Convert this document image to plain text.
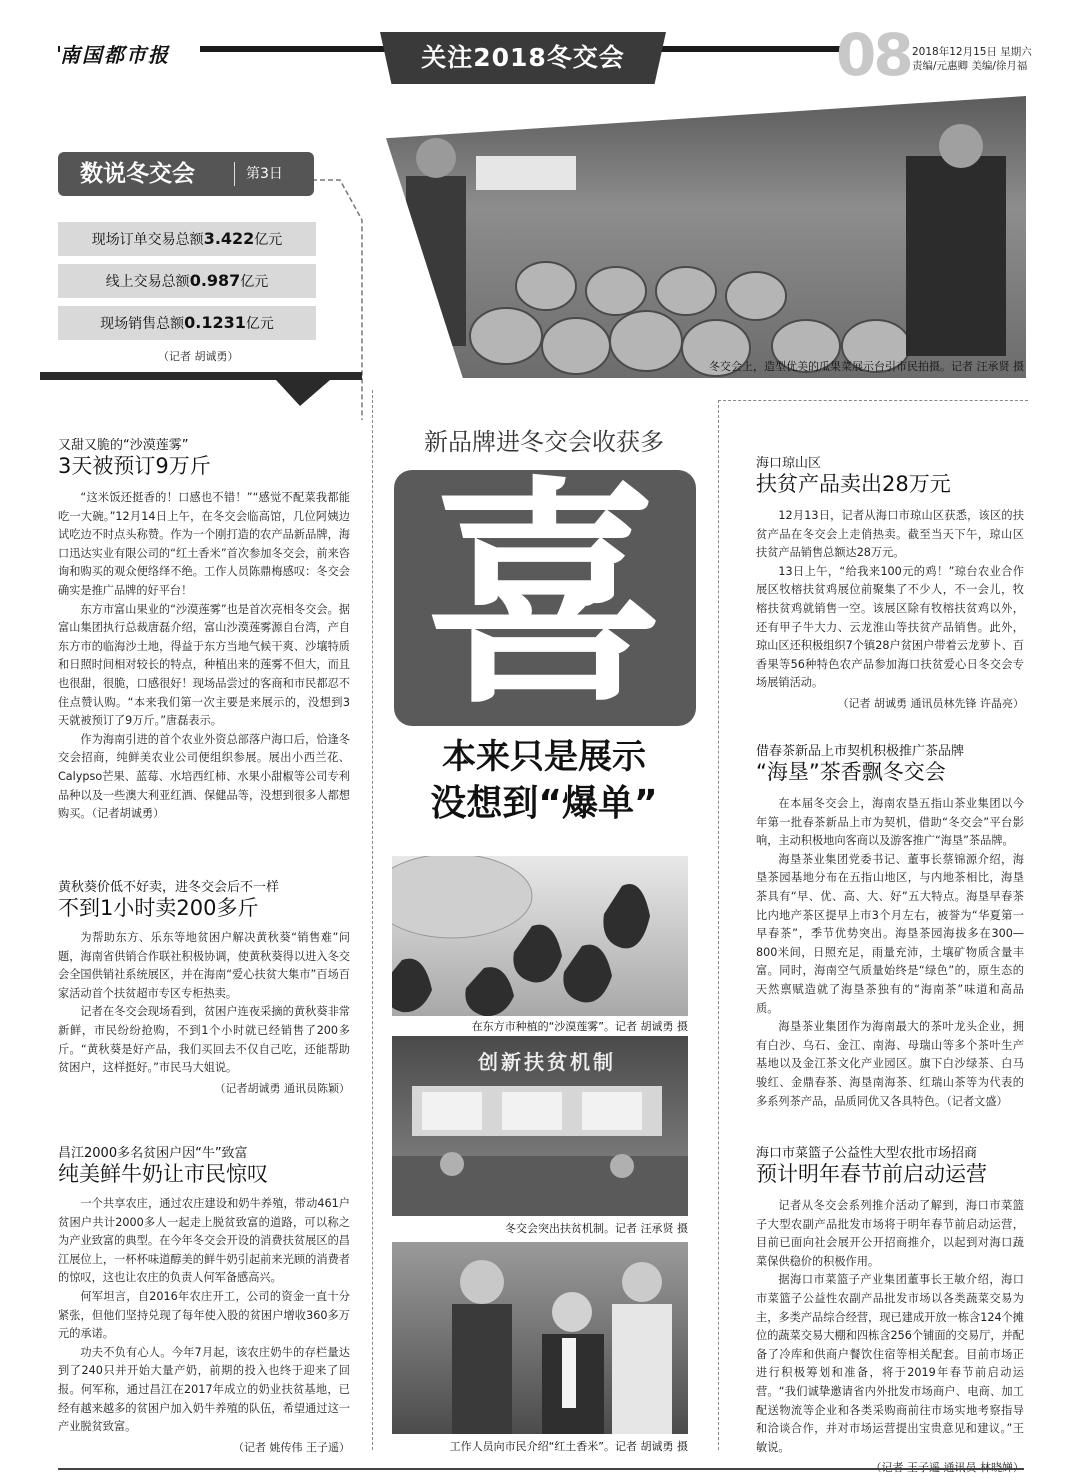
南国都市报	关注2018冬交会	08 2018年12月15日 星期六
责编/元惠卿 美编/徐月福
数说冬交会	第3日
现场订单交易总额3.422亿元
线上交易总额0.987亿元
现场销售总额0.1231亿元
（记者 胡诚勇）
冬交会上，造型优美的瓜果菜展示台引市民拍摄。记者 汪承贤 摄
新品牌进冬交会收获多
喜
本来只是展示
没想到“爆单”
在东方市种植的“沙漠莲雾”。记者 胡诚勇 摄
创新扶贫机制
冬交会突出扶贫机制。记者 汪承贤 摄
工作人员向市民介绍“红土香米”。记者 胡诚勇 摄
又甜又脆的“沙漠莲雾”
3天被预订9万斤

“这米饭还挺香的！口感也不错！”“感觉不配菜我都能吃一大碗。”12月14日上午，在冬交会临高馆，几位阿姨边试吃边不时点头称赞。作为一个刚打造的农产品新品牌，海口迅达实业有限公司的“红土香米”首次参加冬交会，前来咨询和购买的观众便络绎不绝。工作人员陈鼎梅感叹：冬交会确实是推广品牌的好平台！

东方市富山果业的“沙漠莲雾”也是首次亮相冬交会。据富山集团执行总裁唐磊介绍，富山沙漠莲雾源自台湾，产自东方市的临海沙土地，得益于东方当地气候干爽、沙壤特质和日照时间相对较长的特点，种植出来的莲雾不但大，而且也很甜，很脆，口感很好！现场品尝过的客商和市民都忍不住点赞认购。“本来我们第一次主要是来展示的，没想到3天就被预订了9万斤。”唐磊表示。

作为海南引进的首个农业外资总部落户海口后，恰逢冬交会招商，纯鲜美农业公司便组织参展。展出小西兰花、Calypso芒果、蓝莓、水培西红柿、水果小甜椒等公司专利品种以及一些澳大利亚红酒、保健品等，没想到很多人都想购买。（记者胡诚勇）

黄秋葵价低不好卖，进冬交会后不一样
不到1小时卖200多斤

为帮助东方、乐东等地贫困户解决黄秋葵“销售难”问题，海南省供销合作联社积极协调，使黄秋葵得以进入冬交会全国供销社系统展区，并在海南“爱心扶贫大集市”百场百家活动首个扶贫超市专区专柜热卖。

记者在冬交会现场看到，贫困户连夜采摘的黄秋葵非常新鲜，市民纷纷抢购，不到1个小时就已经销售了200多斤。“黄秋葵是好产品，我们买回去不仅自己吃，还能帮助贫困户，这样挺好。”市民马大姐说。

（记者胡诚勇 通讯员陈颖）
昌江2000多名贫困户因“牛”致富
纯美鲜牛奶让市民惊叹

一个共享农庄，通过农庄建设和奶牛养殖，带动461户贫困户共计2000多人一起走上脱贫致富的道路，可以称之为产业致富的典型。在今年冬交会开设的消费扶贫展区的昌江展位上，一杯杯味道醇美的鲜牛奶引起前来光顾的消费者的惊叹，这也让农庄的负责人何军备感高兴。

何军坦言，自2016年农庄开工，公司的资金一直十分紧张，但他们坚持兑现了每年使入股的贫困户增收360多万元的承诺。

功夫不负有心人。今年7月起，该农庄奶牛的存栏量达到了240只并开始大量产奶，前期的投入也终于迎来了回报。何军称，通过昌江在2017年成立的奶业扶贫基地，已经有越来越多的贫困户加入奶牛养殖的队伍，希望通过这一产业脱贫致富。

（记者 姚传伟 王子遥）
海口琼山区
扶贫产品卖出28万元

12月13日，记者从海口市琼山区获悉，该区的扶贫产品在冬交会上走俏热卖。截至当天下午，琼山区扶贫产品销售总额达28万元。

13日上午，“给我来100元的鸡！”琼台农业合作展区牧榕扶贫鸡展位前聚集了不少人，不一会儿，牧榕扶贫鸡就销售一空。该展区除有牧榕扶贫鸡以外，还有甲子牛大力、云龙淮山等扶贫产品销售。此外，琼山区还积极组织7个镇28户贫困户带着云龙萝卜、百香果等56种特色农产品参加海口扶贫爱心日冬交会专场展销活动。

（记者 胡诚勇 通讯员林先锋 许晶亮）
借春茶新品上市契机积极推广茶品牌
“海垦”茶香飘冬交会

在本届冬交会上，海南农垦五指山茶业集团以今年第一批春茶新品上市为契机，借助“冬交会”平台影响，主动积极地向客商以及游客推广“海垦”茶品牌。

海垦茶业集团党委书记、董事长蔡锦源介绍，海垦茶园基地分布在五指山地区，与内地茶相比，海垦茶具有“早、优、高、大、好”五大特点。海垦早春茶比内地产茶区提早上市3个月左右，被誉为“华夏第一早春茶”，季节优势突出。海垦茶园海拔多在300—800米间，日照充足，雨量充沛，土壤矿物质含量丰富。同时，海南空气质量始终是“绿色”的，原生态的天然禀赋造就了海垦茶独有的“海南茶”味道和高品质。

海垦茶业集团作为海南最大的茶叶龙头企业，拥有白沙、乌石、金江、南海、母瑞山等多个茶叶生产基地以及金江茶文化产业园区。旗下白沙绿茶、白马骏红、金鼎春茶、海垦南海茶、红瑞山茶等为代表的多系列茶产品，品质同优又各具特色。（记者文盛）

海口市菜篮子公益性大型农批市场招商
预计明年春节前启动运营

记者从冬交会系列推介活动了解到，海口市菜篮子大型农副产品批发市场将于明年春节前启动运营，目前已面向社会展开公开招商推介，以起到对海口蔬菜保供稳价的积极作用。

据海口市菜篮子产业集团董事长王敏介绍，海口市菜篮子公益性农副产品批发市场以各类蔬菜交易为主，多类产品综合经营，现已建成开放一栋含124个摊位的蔬菜交易大棚和四栋含256个铺面的交易厅，并配备了冷库和供商户餐饮住宿等相关配套。目前市场正进行积极筹划和准备，将于2019年春节前启动运营。“我们诚挚邀请省内外批发市场商户、电商、加工配送物流等企业和各类采购商前往市场实地考察指导和洽谈合作，并对市场运营提出宝贵意见和建议。”王敏说。
